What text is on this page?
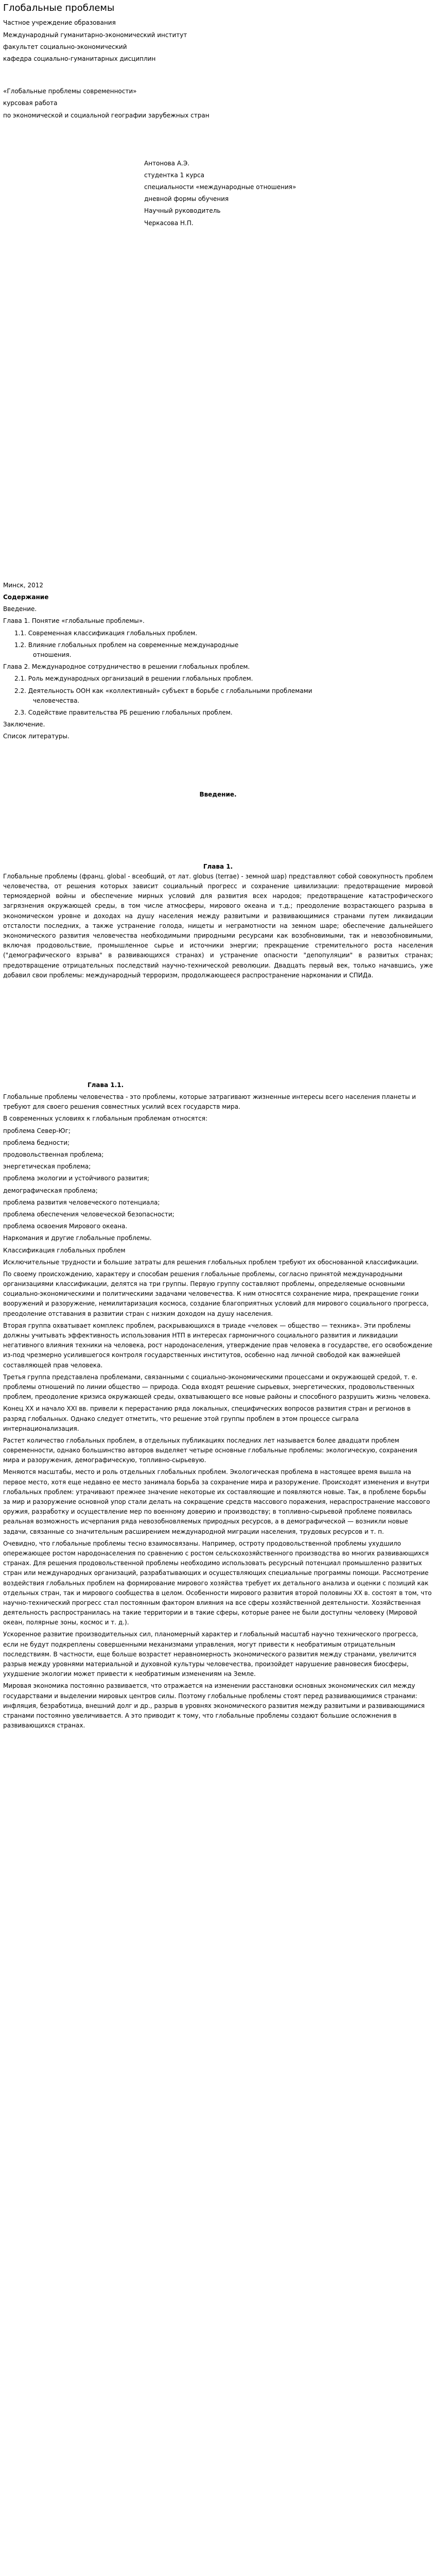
Глобальные проблемы
Частное учреждение образования
Международный гуманитарно-экономический институт
факультет социально-экономический
кафедра социально-гуманитарных дисциплин
«Глобальные проблемы современности»
курсовая работа
по экономической и социальной географии зарубежных стран
Антонова А.Э.
студентка 1 курса
специальности «международные отношения»
дневной формы обучения
Научный руководитель
Черкасова Н.П.
Минск, 2012
Содержание
Введение.
Глава 1. Понятие «глобальные проблемы».
1.1. Современная классификация глобальных проблем.
1.2. Влияние глобальных проблем на современные международные
отношения.
Глава 2. Международное сотрудничество в решении глобальных проблем.
2.1. Роль международных организаций в решении глобальных проблем.
2.2. Деятельность ООН как «коллективный» субъект в борьбе с глобальными проблемами
человечества.
2.3. Содействие правительства РБ решению глобальных проблем.
Заключение.
Список литературы.
Введение.
Глава 1.
Глобальные проблемы (франц. global - всеобщий, от лат. globus (terrae) - земной шар) представляют собой совокупность проблем человечества, от решения которых зависит социальный прогресс и сохранение цивилизации: предотвращение мировой термоядерной войны и обеспечение мирных условий для развития всех народов; предотвращение катастрофического загрязнения окружающей среды, в том числе атмосферы, мирового океана и т.д.; преодоление возрастающего разрыва в экономическом уровне и доходах на душу населения между развитыми и развивающимися странами путем ликвидации отсталости последних, а также устранение голода, нищеты и неграмотности на земном шаре; обеспечение дальнейшего экономического развития человечества необходимыми природными ресурсами как возобновимыми, так и невозобновимыми, включая продовольствие, промышленное сырье и источники энергии; прекращение стремительного роста населения ("демографического взрыва" в развивающихся странах) и устранение опасности "депопуляции" в развитых странах; предотвращение отрицательных последствий научно-технической революции. Двадцать первый век, только начавшись, уже добавил свои проблемы: международный терроризм, продолжающееся распространение наркомании и СПИДа.
Глава 1.1.
Глобальные проблемы человечества - это проблемы, которые затрагивают жизненные интересы всего населения планеты и требуют для своего решения совместных усилий всех государств мира.
В современных условиях к глобальным проблемам относятся:
проблема Север-Юг;
проблема бедности;
продовольственная проблема;
энергетическая проблема;
проблема экологии и устойчивого развития;
демографическая проблема;
проблема развития человеческого потенциала;
проблема обеспечения человеческой безопасности;
проблема освоения Мирового океана.
Наркомания и другие глобальные проблемы.
Классификация глобальных проблем
Исключительные трудности и большие затраты для решения глобальных проблем требуют их обоснованной классификации.
По своему происхождению, характеру и способам решения глобальные проблемы, согласно принятой международными организациями классификации, делятся на три группы. Первую группу составляют проблемы, определяемые основными социально-экономическими и политическими задачами человечества. К ним относятся сохранение мира, прекращение гонки вооружений и разоружение, немилитаризация космоса, создание благоприятных условий для мирового социального прогресса, преодоление отставания в развитии стран с низким доходом на душу населения.
Вторая группа охватывает комплекс проблем, раскрывающихся в триаде «человек — общество — техника». Эти проблемы должны учитывать эффективность использования НТП в интересах гармоничного социального развития и ликвидации негативного влияния техники на человека, рост народонаселения, утверждение прав человека в государстве, его освобождение из-под чрезмерно усилившегося контроля государственных институтов, особенно над личной свободой как важнейшей составляющей прав человека.
Третья группа представлена проблемами, связанными с социально-экономическими процессами и окружающей средой, т. е. проблемы отношений по линии общество — природа. Сюда входят решение сырьевых, энергетических, продовольственных проблем, преодоление кризиса окружающей среды, охватывающего все новые районы и способного разрушить жизнь человека.
Конец XX и начало XXI вв. привели к перерастанию ряда локальных, специфических вопросов развития стран и регионов в разряд глобальных. Однако следует отметить, что решение этой группы проблем в этом процессе сыграла интернационализация.
Растет количество глобальных проблем, в отдельных публикациях последних лет называется более двадцати проблем современности, однако большинство авторов выделяет четыре основные глобальные проблемы: экологическую, сохранения мира и разоружения, демографическую, топливно-сырьевую.
Меняются масштабы, место и роль отдельных глобальных проблем. Экологическая проблема в настоящее время вышла на первое место, хотя еще недавно ее место занимала борьба за сохранение мира и разоружение. Происходят изменения и внутри глобальных проблем: утрачивают прежнее значение некоторые их составляющие и появляются новые. Так, в проблеме борьбы за мир и разоружение основной упор стали делать на сокращение средств массового поражения, нераспространение массового оружия, разработку и осуществление мер по военному доверию и производству; в топливно-сырьевой проблеме появилась реальная возможность исчерпания ряда невозобновляемых природных ресурсов, а в демографической — возникли новые задачи, связанные со значительным расширением международной миграции населения, трудовых ресурсов и т. п.
Очевидно, что глобальные проблемы тесно взаимосвязаны. Например, остроту продовольственной проблемы ухудшило опережающее ростом народонаселения по сравнению с ростом сельскохозяйственного производства во многих развивающихся странах. Для решения продовольственной проблемы необходимо использовать ресурсный потенциал промышленно развитых стран или международных организаций, разрабатывающих и осуществляющих специальные программы помощи. Рассмотрение воздействия глобальных проблем на формирование мирового хозяйства требует их детального анализа и оценки с позиций как отдельных стран, так и мирового сообщества в целом. Особенности мирового развития второй половины XX в. состоят в том, что научно-технический прогресс стал постоянным фактором влияния на все сферы хозяйственной деятельности. Хозяйственная деятельность распространилась на такие территории и в такие сферы, которые ранее не были доступны человеку (Мировой океан, полярные зоны, космос и т. д.).
Ускоренное развитие производительных сил, планомерный характер и глобальный масштаб научно технического прогресса, если не будут подкреплены совершенными механизмами управления, могут привести к необратимым отрицательным последствиям. В частности, еще больше возрастет неравномерность экономического развития между странами, увеличится разрыв между уровнями материальной и духовной культуры человечества, произойдет нарушение равновесия биосферы, ухудшение экологии может привести к необратимым изменениям на Земле.
Мировая экономика постоянно развивается, что отражается на изменении расстановки основных экономических сил между государствами и выделении мировых центров силы. Поэтому глобальные проблемы стоят перед развивающимися странами: инфляция, безработица, внешний долг и др., разрыв в уровнях экономического развития между развитыми и развивающимися странами постоянно увеличивается. А это приводит к тому, что глобальные проблемы создают большие осложнения в развивающихся странах.
